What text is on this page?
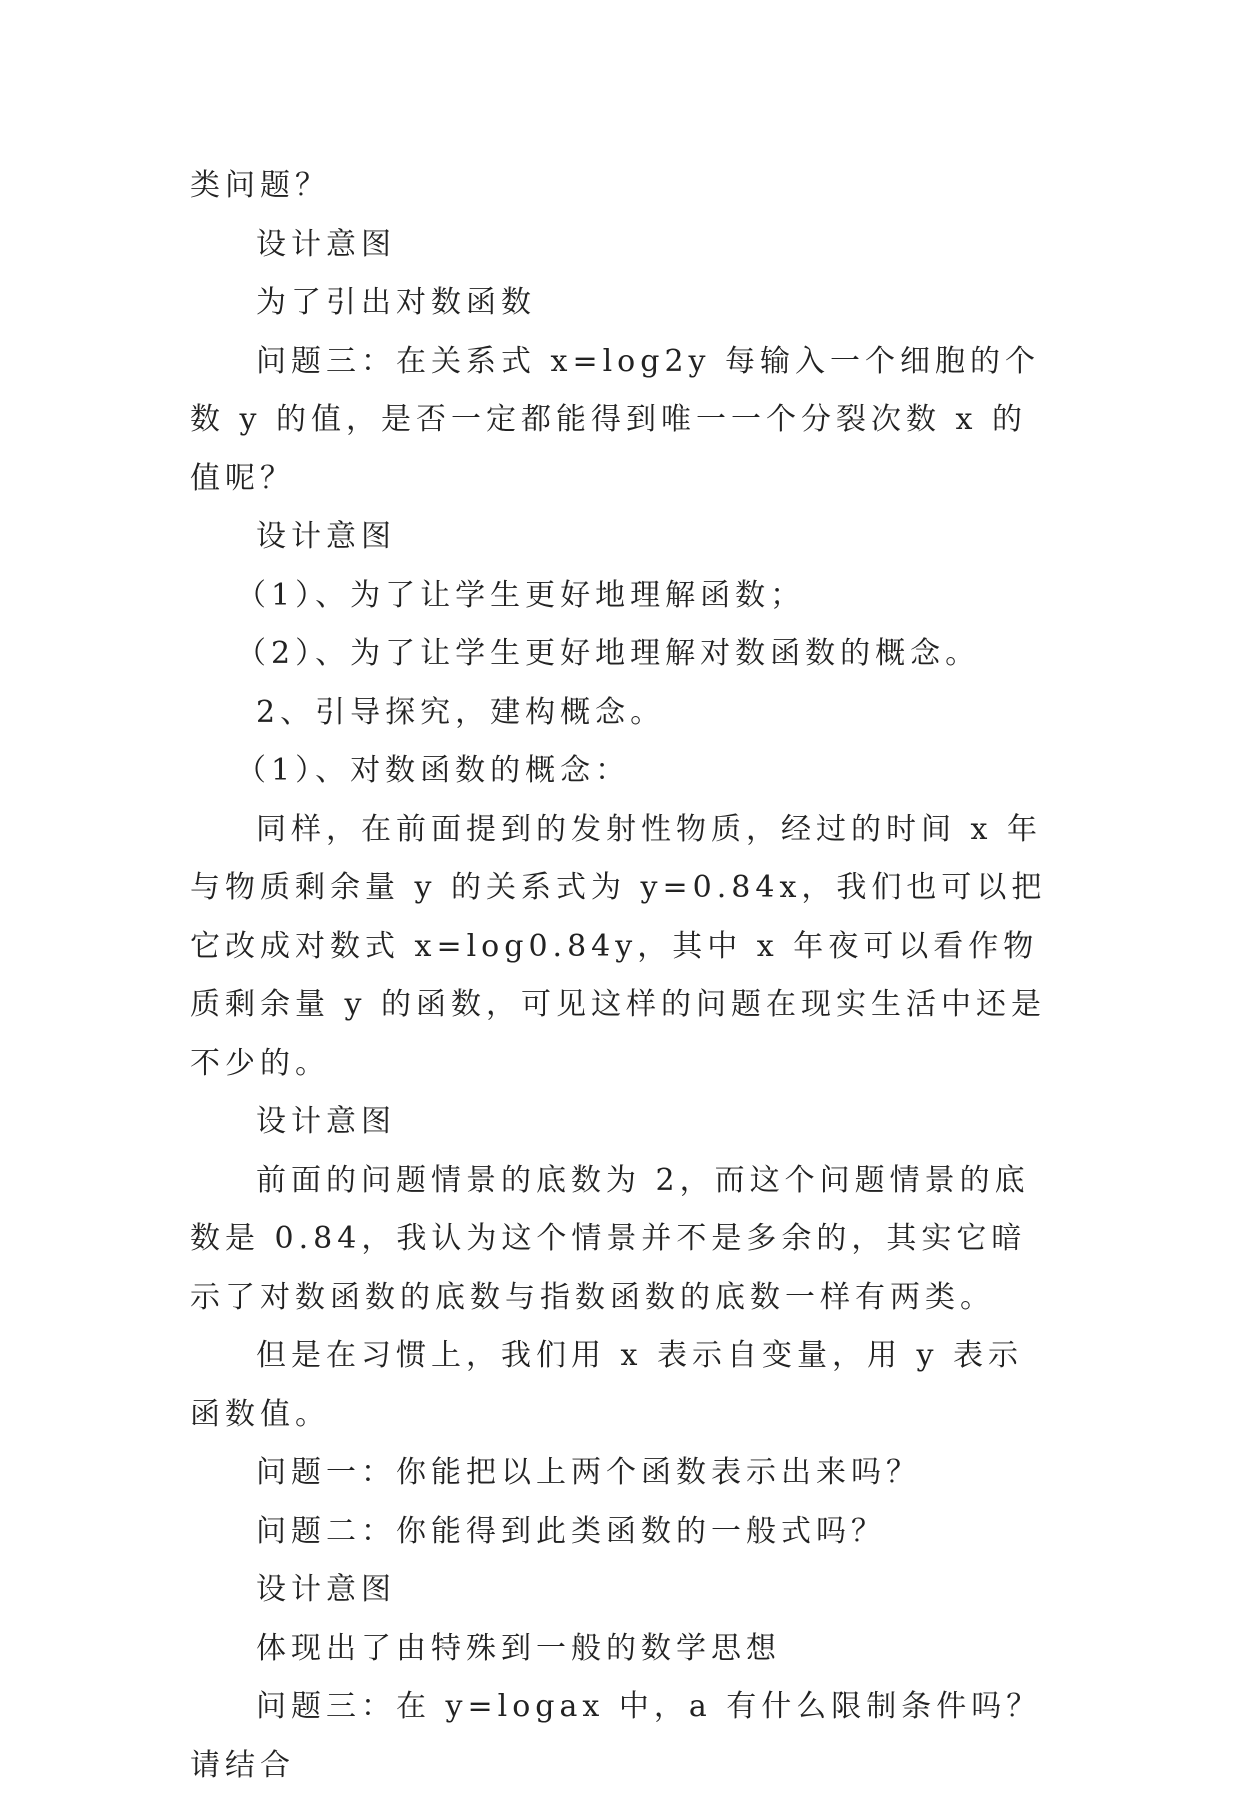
类问题？

设计意图

为了引出对数函数

问题三：在关系式 x=log2y 每输入一个细胞的个数 y 的值，是否一定都能得到唯一一个分裂次数 x 的值呢？

设计意图

（1）、为了让学生更好地理解函数；

（2）、为了让学生更好地理解对数函数的概念。

2、引导探究，建构概念。

（1）、对数函数的概念：

同样，在前面提到的发射性物质，经过的时间 x 年与物质剩余量 y 的关系式为 y=0.84x，我们也可以把它改成对数式 x=log0.84y，其中 x 年夜可以看作物质剩余量 y 的函数，可见这样的问题在现实生活中还是不少的。

设计意图

前面的问题情景的底数为 2，而这个问题情景的底数是 0.84，我认为这个情景并不是多余的，其实它暗示了对数函数的底数与指数函数的底数一样有两类。

但是在习惯上，我们用 x 表示自变量，用 y 表示函数值。

问题一：你能把以上两个函数表示出来吗？

问题二：你能得到此类函数的一般式吗？

设计意图

体现出了由特殊到一般的数学思想

问题三：在 y=logax 中，a 有什么限制条件吗？请结合
